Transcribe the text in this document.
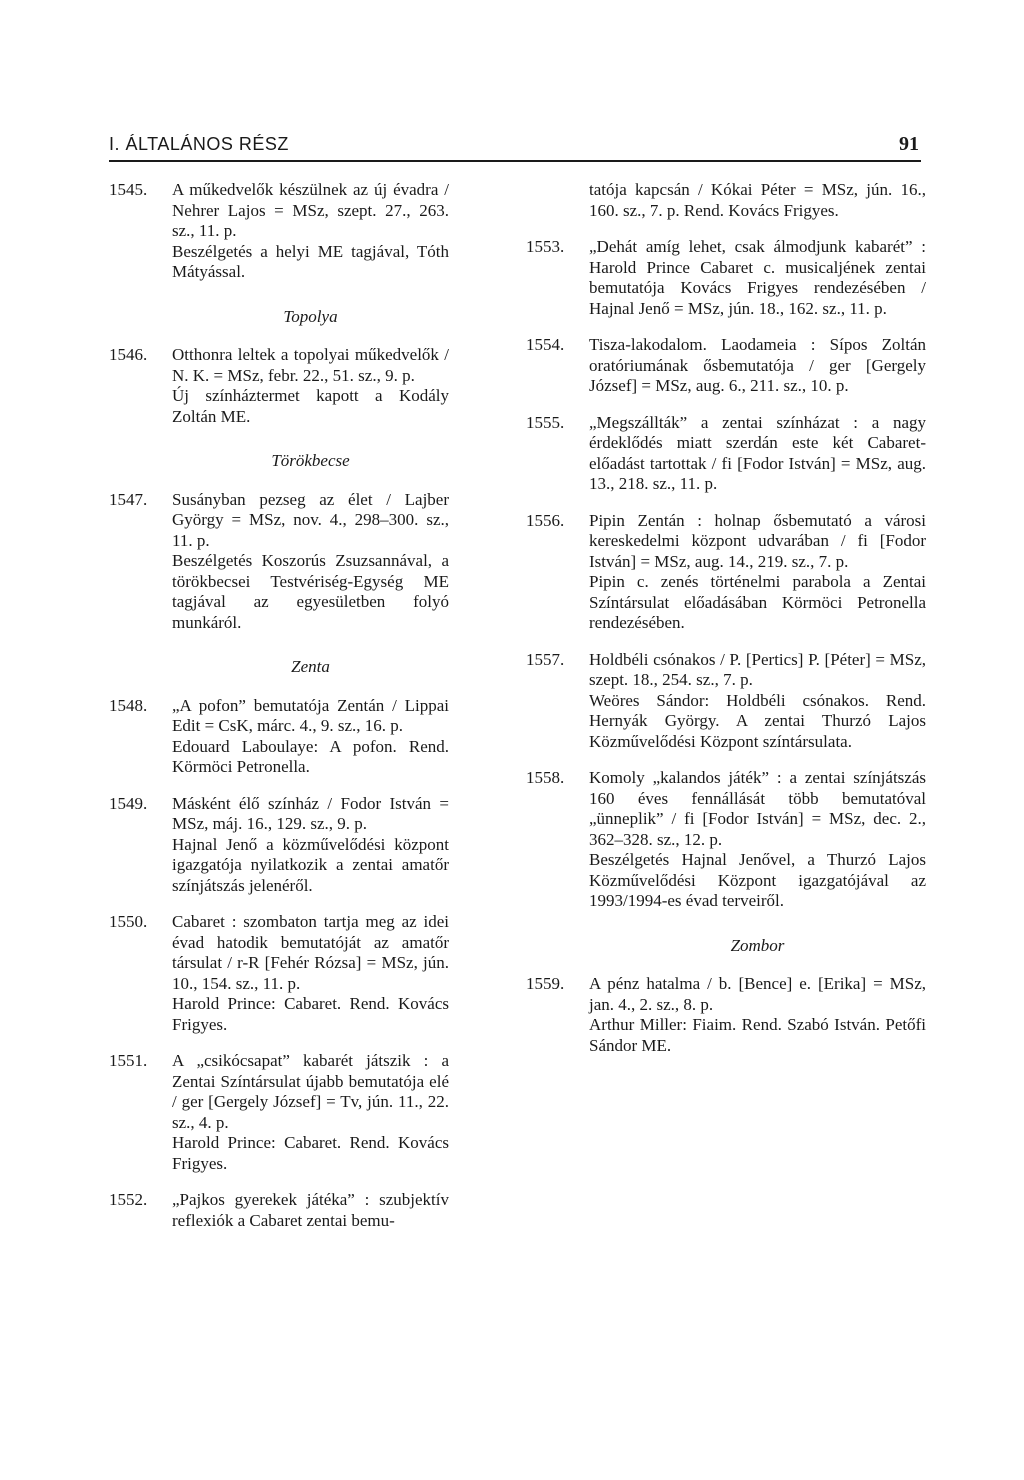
I. ÁLTALÁNOS RÉSZ	91
1545.	A műkedvelők készülnek az új évadra / Nehrer Lajos = MSz, szept. 27., 263. sz., 11. p.

Beszélgetés a helyi ME tagjával, Tóth Mátyással.

Topolya
1546.	Otthonra leltek a topolyai műkedvelők / N. K. = MSz, febr. 22., 51. sz., 9. p.

Új színháztermet kapott a Kodály Zoltán ME.

Törökbecse
1547.	Susányban pezseg az élet / Lajber György = MSz, nov. 4., 298–300. sz., 11. p.

Beszélgetés Koszorús Zsuzsannával, a törökbecsei Testvériség-Egység ME tagjával az egyesületben folyó munkáról.

Zenta
1548.	„A pofon” bemutatója Zentán / Lippai Edit = CsK, márc. 4., 9. sz., 16. p.

Edouard Laboulaye: A pofon. Rend. Körmöci Petronella.

1549.	Másként élő színház / Fodor István = MSz, máj. 16., 129. sz., 9. p.

Hajnal Jenő a közművelődési központ igazgatója nyilatkozik a zentai amatőr színjátszás jelenéről.

1550.	Cabaret : szombaton tartja meg az idei évad hatodik bemutatóját az amatőr társulat / r-R [Fehér Rózsa] = MSz, jún. 10., 154. sz., 11. p.

Harold Prince: Cabaret. Rend. Kovács Frigyes.

1551.	A „csikócsapat” kabarét játszik : a Zentai Színtársulat újabb bemutatója elé / ger [Gergely József] = Tv, jún. 11., 22. sz., 4. p.

Harold Prince: Cabaret. Rend. Kovács Frigyes.

1552.	„Pajkos gyerekek játéka” : szubjektív reflexiók a Cabaret zentai bemu-

tatója kapcsán / Kókai Péter = MSz, jún. 16., 160. sz., 7. p. Rend. Kovács Frigyes.
1553.	„Dehát amíg lehet, csak álmodjunk kabarét” : Harold Prince Cabaret c. musicaljének zentai bemutatója Kovács Frigyes rendezésében / Hajnal Jenő = MSz, jún. 18., 162. sz., 11. p.

1554.	Tisza-lakodalom. Laodameia : Sípos Zoltán oratóriumának ősbemutatója / ger [Gergely József] = MSz, aug. 6., 211. sz., 10. p.

1555.	„Megszállták” a zentai színházat : a nagy érdeklődés miatt szerdán este két Cabaret-előadást tartottak / fi [Fodor István] = MSz, aug. 13., 218. sz., 11. p.

1556.	Pipin Zentán : holnap ősbemutató a városi kereskedelmi központ udvarában / fi [Fodor István] = MSz, aug. 14., 219. sz., 7. p.

Pipin c. zenés történelmi parabola a Zentai Színtársulat előadásában Körmöci Petronella rendezésében.

1557.	Holdbéli csónakos / P. [Pertics] P. [Péter] = MSz, szept. 18., 254. sz., 7. p.

Weöres Sándor: Holdbéli csónakos. Rend. Hernyák György. A zentai Thurzó Lajos Közművelődési Központ színtársulata.

1558.	Komoly „kalandos játék” : a zentai színjátszás 160 éves fennállását több bemutatóval „ünneplik” / fi [Fodor István] = MSz, dec. 2., 362–328. sz., 12. p.

Beszélgetés Hajnal Jenővel, a Thurzó Lajos Közművelődési Központ igazgatójával az 1993/1994-es évad terveiről.

Zombor
1559.	A pénz hatalma / b. [Bence] e. [Erika] = MSz, jan. 4., 2. sz., 8. p.

Arthur Miller: Fiaim. Rend. Szabó István. Petőfi Sándor ME.
